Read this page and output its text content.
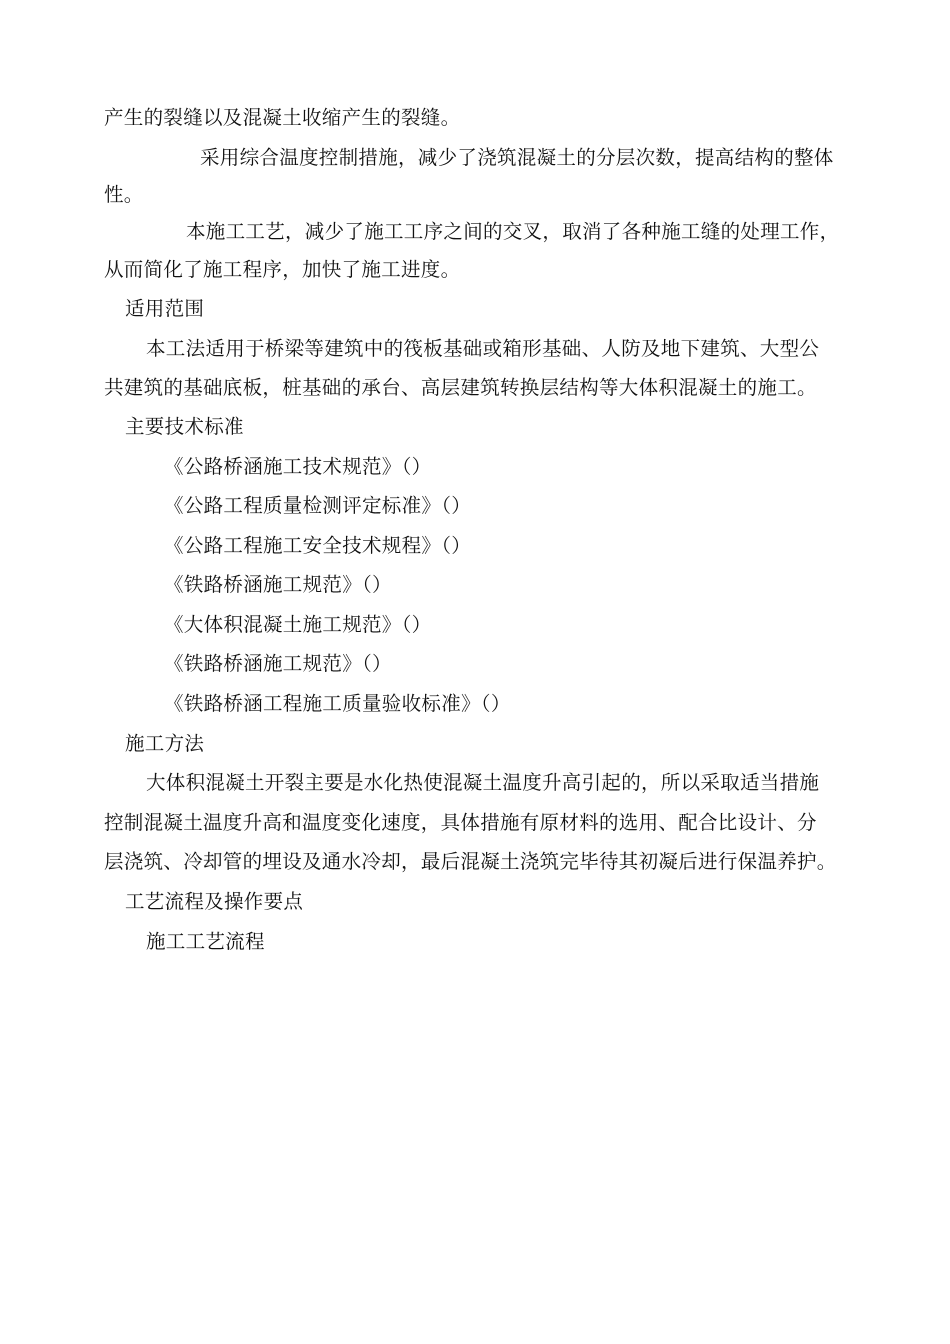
产生的裂缝以及混凝土收缩产生的裂缝。
采用综合温度控制措施，减少了浇筑混凝土的分层次数，提高结构的整体
性。
本施工工艺，减少了施工工序之间的交叉，取消了各种施工缝的处理工作，
从而简化了施工程序，加快了施工进度。
适用范围
本工法适用于桥梁等建筑中的筏板基础或箱形基础、人防及地下建筑、大型公
共建筑的基础底板，桩基础的承台、高层建筑转换层结构等大体积混凝土的施工。
主要技术标准
《公路桥涵施工技术规范》（）
《公路工程质量检测评定标准》（）
《公路工程施工安全技术规程》（）
《铁路桥涵施工规范》（）
《大体积混凝土施工规范》（）
《铁路桥涵施工规范》（）
《铁路桥涵工程施工质量验收标准》（）
施工方法
大体积混凝土开裂主要是水化热使混凝土温度升高引起的，所以采取适当措施
控制混凝土温度升高和温度变化速度，具体措施有原材料的选用、配合比设计、分
层浇筑、冷却管的埋设及通水冷却，最后混凝土浇筑完毕待其初凝后进行保温养护。
工艺流程及操作要点
施工工艺流程
